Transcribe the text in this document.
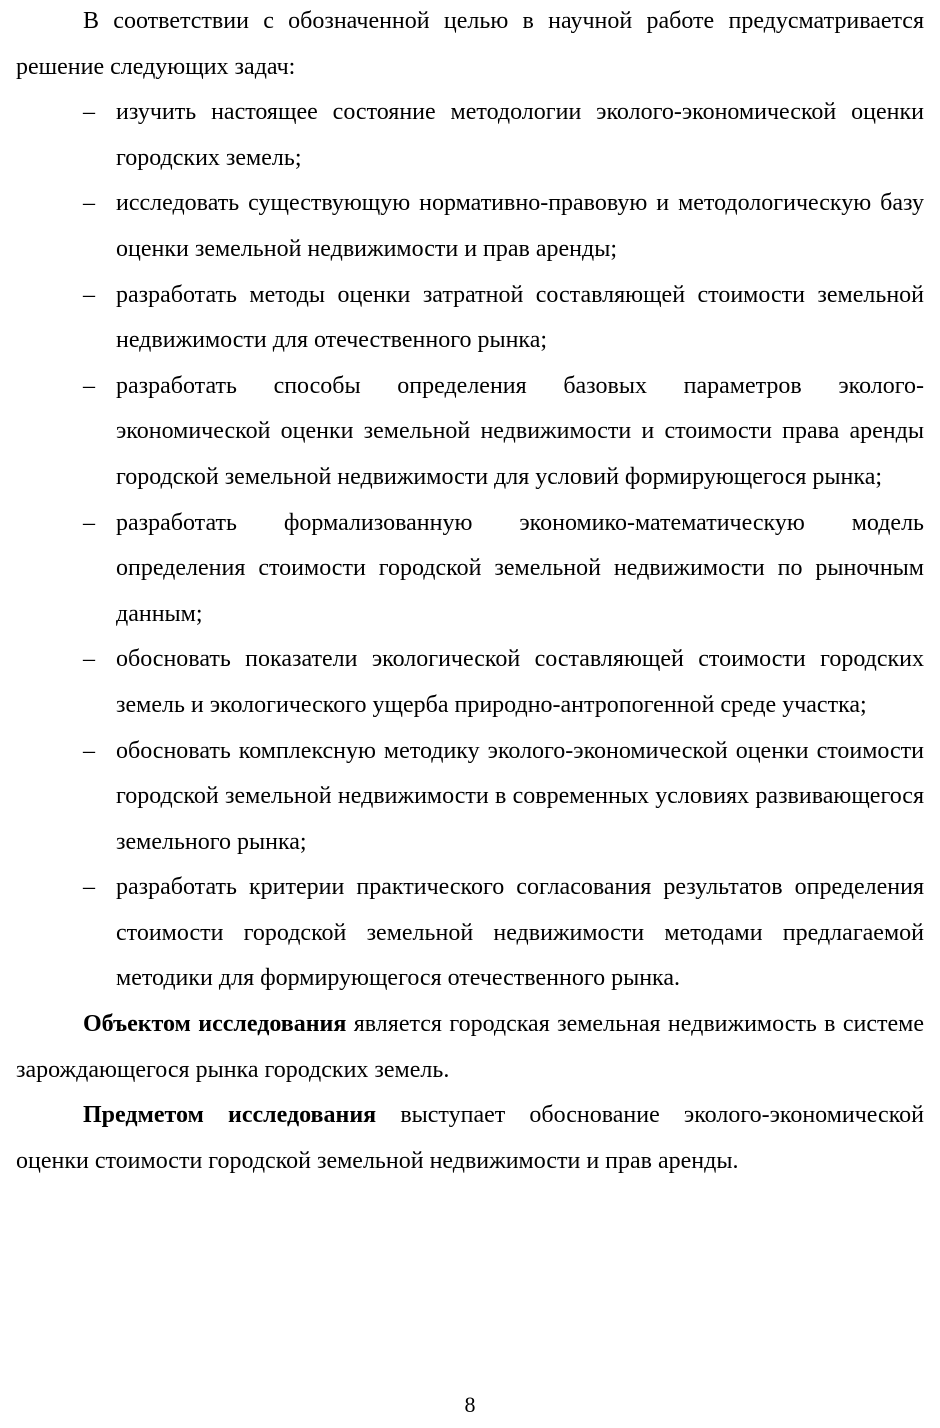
В соответствии с обозначенной целью в научной работе предусматривается решение следующих задач:

– изучить настоящее состояние методологии эколого-экономической оценки городских земель;
– исследовать существующую нормативно-правовую и методологическую базу оценки земельной недвижимости и прав аренды;
– разработать методы оценки затратной составляющей стоимости земельной недвижимости для отечественного рынка;
– разработать способы определения базовых параметров эколого-экономической оценки земельной недвижимости и стоимости права аренды городской земельной недвижимости для условий формирующегося рынка;
– разработать формализованную экономико-математическую модель определения стоимости городской земельной недвижимости по рыночным данным;
– обосновать показатели экологической составляющей стоимости городских земель и экологического ущерба природно-антропогенной среде участка;
– обосновать комплексную методику эколого-экономической оценки стоимости городской земельной недвижимости в современных условиях развивающегося земельного рынка;
– разработать критерии практического согласования результатов определения стоимости городской земельной недвижимости методами предлагаемой методики для формирующегося отечественного рынка.

Объектом исследования является городская земельная недвижимость в системе зарождающегося рынка городских земель.

Предметом исследования выступает обоснование эколого-экономической оценки стоимости городской земельной недвижимости и прав аренды.

8
